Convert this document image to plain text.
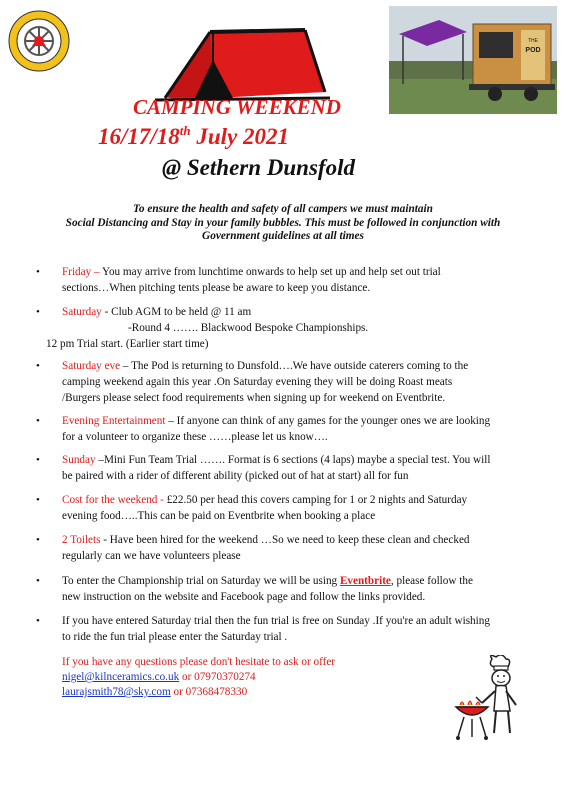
THE
POD
CAMPING WEEKEND
16/17/18th July 2021
@ Sethern Dunsfold
To ensure the health and safety of all campers we must maintain
Social Distancing and Stay in your family bubbles. This must be followed in conjunction with
Government guidelines at all times
• Friday – You may arrive from lunchtime onwards to help set up and help set out trial
sections…When pitching tents please be aware to keep you distance.
• Saturday - Club AGM to be held @ 11 am
-Round 4 ……. Blackwood Bespoke Championships.
12 pm Trial start. (Earlier start time)
• Saturday eve – The Pod is returning to Dunsfold….We have outside caterers coming to the
camping weekend again this year .On Saturday evening they will be doing Roast meats
/Burgers please select food requirements when signing up for weekend on Eventbrite.
• Evening Entertainment – If anyone can think of any games for the younger ones we are looking
for a volunteer to organize these ……please let us know….
• Sunday –Mini Fun Team Trial ……. Format is 6 sections (4 laps) maybe a special test. You will
be paired with a rider of different ability (picked out of hat at start) all for fun
• Cost for the weekend - £22.50 per head this covers camping for 1 or 2 nights and Saturday
evening food…..This can be paid on Eventbrite when booking a place
• 2 Toilets - Have been hired for the weekend …So we need to keep these clean and checked
regularly can we have volunteers please
• To enter the Championship trial on Saturday we will be using Eventbrite, please follow the
new instruction on the website and Facebook page and follow the links provided.
• If you have entered Saturday trial then the fun trial is free on Sunday .If you're an adult wishing
to ride the fun trial please enter the Saturday trial .
If you have any questions please don't hesitate to ask or offer
nigel@kilnceramics.co.uk or 07970370274
laurajsmith78@sky.com or 07368478330
